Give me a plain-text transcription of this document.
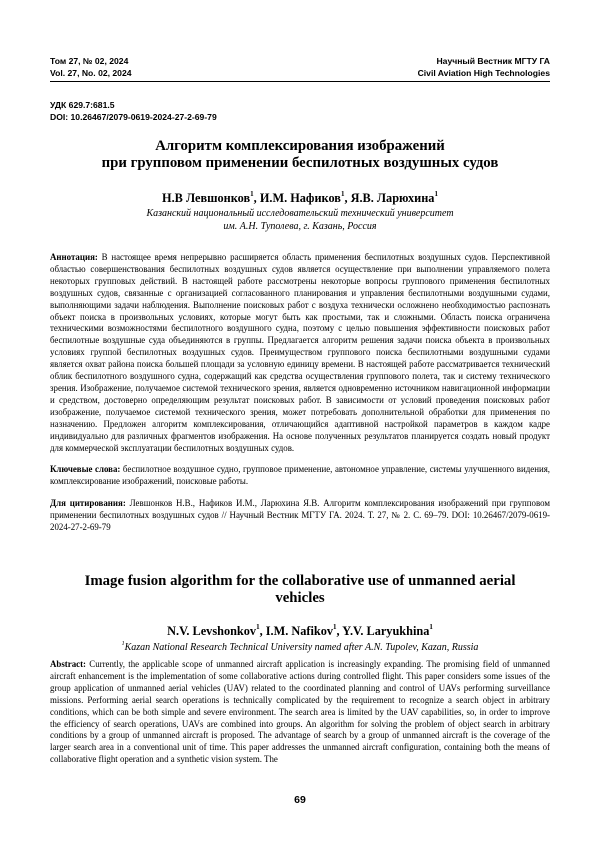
Том 27, № 02, 2024	Научный Вестник МГТУ ГА
Vol. 27, No. 02, 2024	Civil Aviation High Technologies
УДК 629.7:681.5
DOI: 10.26467/2079-0619-2024-27-2-69-79
Алгоритм комплексирования изображений
при групповом применении беспилотных воздушных судов
Н.В Левшонков$^1$, И.М. Нафиков$^1$, Я.В. Ларюхина$^1$
Казанский национальный исследовательский технический университет
им. А.Н. Туполева, г. Казань, Россия
Аннотация: В настоящее время непрерывно расширяется область применения беспилотных воздушных судов. Перспективной областью совершенствования беспилотных воздушных судов является осуществление при выполнении управляемого полета некоторых групповых действий. В настоящей работе рассмотрены некоторые вопросы группового применения беспилотных воздушных судов, связанные с организацией согласованного планирования и управления беспилотными воздушными судами, выполняющими задачи наблюдения. Выполнение поисковых работ с воздуха технически осложнено необходимостью распознать объект поиска в произвольных условиях, которые могут быть как простыми, так и сложными. Область поиска ограничена техническими возможностями беспилотного воздушного судна, поэтому с целью повышения эффективности поисковых работ беспилотные воздушные суда объединяются в группы. Предлагается алгоритм решения задачи поиска объекта в произвольных условиях группой беспилотных воздушных судов. Преимуществом группового поиска беспилотными воздушными судами является охват района поиска большей площади за условную единицу времени. В настоящей работе рассматривается технический облик беспилотного воздушного судна, содержащий как средства осуществления группового полета, так и систему технического зрения. Изображение, получаемое системой технического зрения, является одновременно источником навигационной информации и средством, достоверно определяющим результат поисковых работ. В зависимости от условий проведения поисковых работ изображение, получаемое системой технического зрения, может потребовать дополнительной обработки для применения по назначению. Предложен алгоритм комплексирования, отличающийся адаптивной настройкой параметров в каждом кадре индивидуально для различных фрагментов изображения. На основе полученных результатов планируется создать новый продукт для коммерческой эксплуатации беспилотных воздушных судов.
Ключевые слова: беспилотное воздушное судно, групповое применение, автономное управление, системы улучшенного видения, комплексирование изображений, поисковые работы.
Для цитирования: Левшонков Н.В., Нафиков И.М., Ларюхина Я.В. Алгоритм комплексирования изображений при групповом применении беспилотных воздушных судов // Научный Вестник МГТУ ГА. 2024. Т. 27, № 2. С. 69–79. DOI: 10.26467/2079-0619-2024-27-2-69-79
Image fusion algorithm for the collaborative use of unmanned aerial
vehicles
N.V. Levshonkov$^1$, I.M. Nafikov$^1$, Y.V. Laryukhina$^1$
$^1$Kazan National Research Technical University named after A.N. Tupolev, Kazan, Russia
Abstract: Currently, the applicable scope of unmanned aircraft application is increasingly expanding. The promising field of unmanned aircraft enhancement is the implementation of some collaborative actions during controlled flight. This paper considers some issues of the group application of unmanned aerial vehicles (UAV) related to the coordinated planning and control of UAVs performing surveillance missions. Performing aerial search operations is technically complicated by the requirement to recognize a search object in arbitrary conditions, which can be both simple and severe environment. The search area is limited by the UAV capabilities, so, in order to improve the efficiency of search operations, UAVs are combined into groups. An algorithm for solving the problem of object search in arbitrary conditions by a group of unmanned aircraft is proposed. The advantage of search by a group of unmanned aircraft is the coverage of the larger search area in a conventional unit of time. This paper addresses the unmanned aircraft configuration, containing both the means of collaborative flight operation and a synthetic vision system. The
69
